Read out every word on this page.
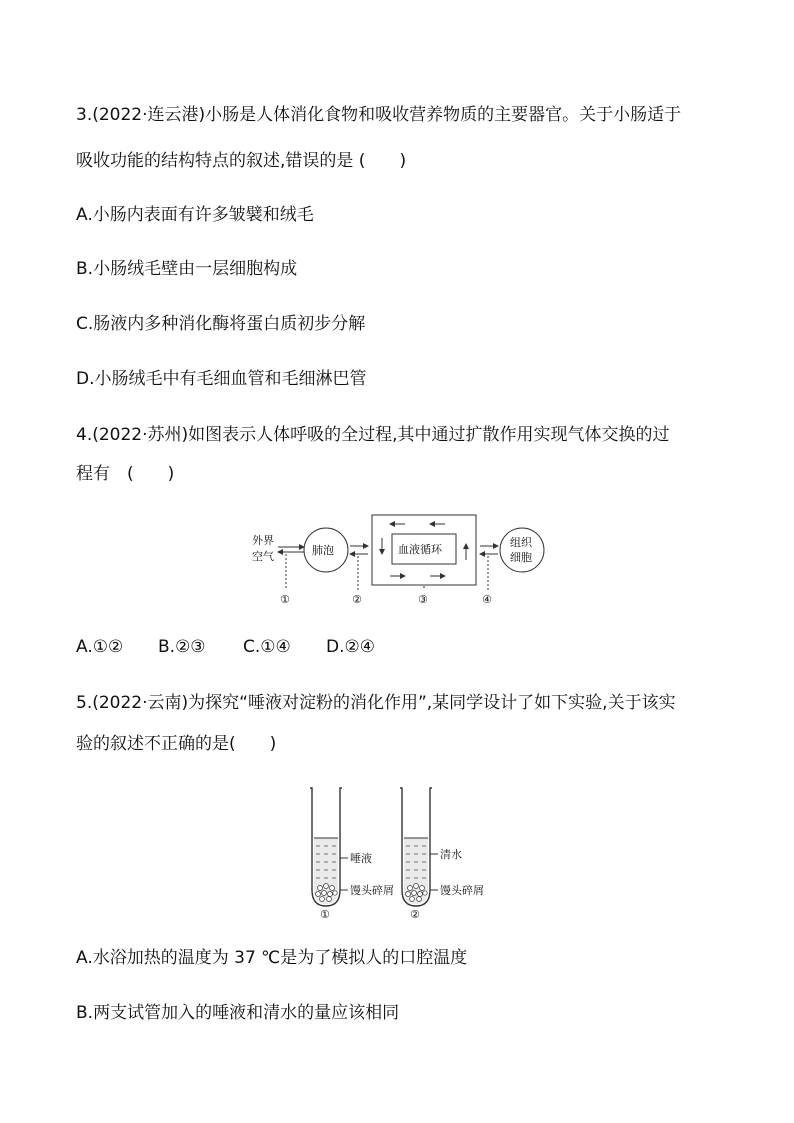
3.(2022·连云港)小肠是人体消化食物和吸收营养物质的主要器官。关于小肠适于
吸收功能的结构特点的叙述,错误的是 (　　)
A.小肠内表面有许多皱襞和绒毛
B.小肠绒毛壁由一层细胞构成
C.肠液内多种消化酶将蛋白质初步分解
D.小肠绒毛中有毛细血管和毛细淋巴管
4.(2022·苏州)如图表示人体呼吸的全过程,其中通过扩散作用实现气体交换的过
程有　(　　)
外界
空气	肺泡	血液循环
组织
细胞
①	②	③	④
A.①② B.②③ C.①④ D.②④
5.(2022·云南)为探究“唾液对淀粉的消化作用”,某同学设计了如下实验,关于该实
验的叙述不正确的是(　　)
唾液
馒头碎屑
①
清水
馒头碎屑
②
A.水浴加热的温度为 37 ℃是为了模拟人的口腔温度
B.两支试管加入的唾液和清水的量应该相同
